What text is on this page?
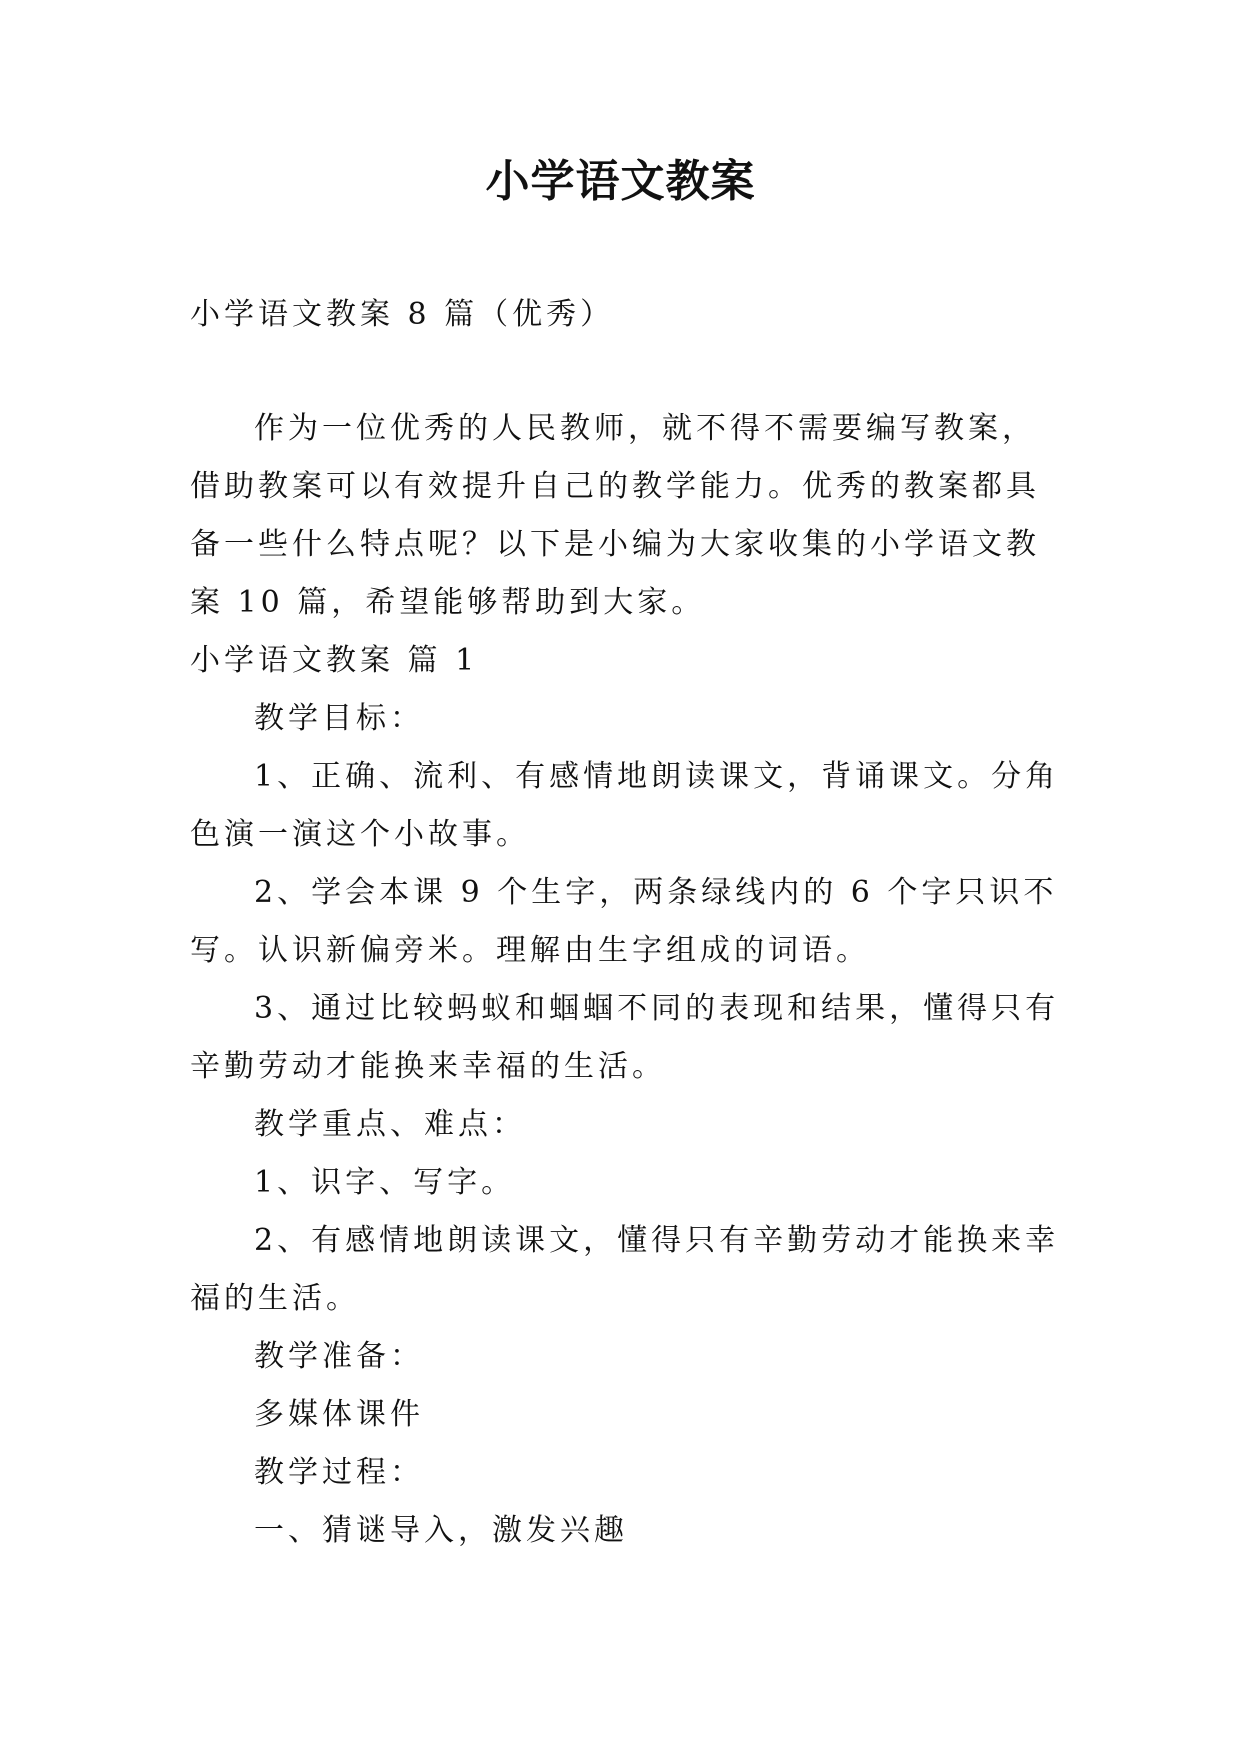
小学语文教案
小学语文教案 8 篇（优秀）

作为一位优秀的人民教师，就不得不需要编写教案，借助教案可以有效提升自己的教学能力。优秀的教案都具备一些什么特点呢？以下是小编为大家收集的小学语文教案 10 篇，希望能够帮助到大家。

小学语文教案 篇 1

教学目标：

1、正确、流利、有感情地朗读课文，背诵课文。分角色演一演这个小故事。

2、学会本课 9 个生字，两条绿线内的 6 个字只识不写。认识新偏旁米。理解由生字组成的词语。

3、通过比较蚂蚁和蝈蝈不同的表现和结果，懂得只有辛勤劳动才能换来幸福的生活。

教学重点、难点：

1、识字、写字。

2、有感情地朗读课文，懂得只有辛勤劳动才能换来幸福的生活。

教学准备：

多媒体课件

教学过程：

一、猜谜导入，激发兴趣
